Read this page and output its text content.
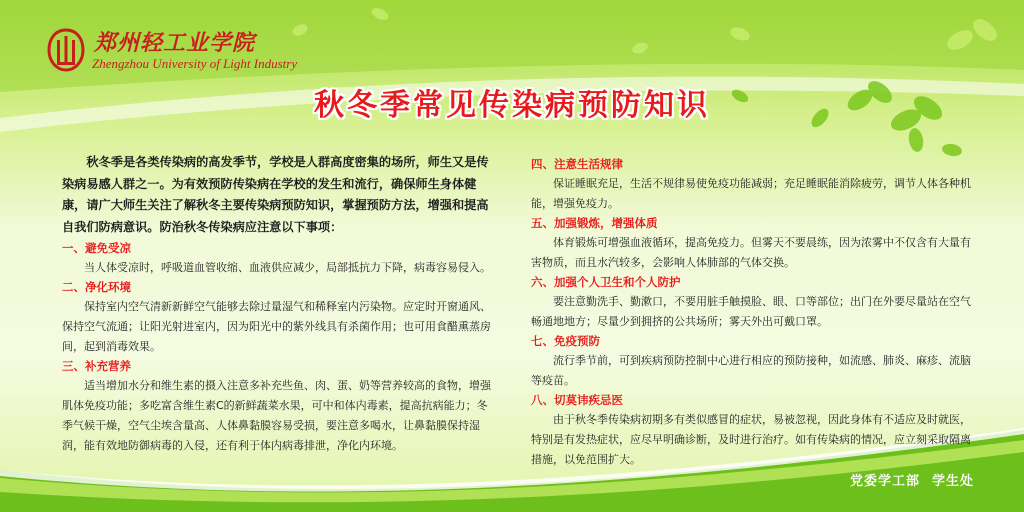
郑州轻工业学院
Zhengzhou University of Light Industry
秋冬季常见传染病预防知识

秋冬季是各类传染病的高发季节，学校是人群高度密集的场所，师生又是传染病易感人群之一。为有效预防传染病在学校的发生和流行，确保师生身体健康，请广大师生关注了解秋冬主要传染病预防知识，掌握预防方法，增强和提高自我们防病意识。防治秋冬传染病应注意以下事项：

一、避免受凉

当人体受凉时，呼吸道血管收缩、血液供应减少，局部抵抗力下降，病毒容易侵入。

二、净化环境

保持室内空气清新新鲜空气能够去除过量湿气和稀释室内污染物。应定时开窗通风、保持空气流通；让阳光射进室内，因为阳光中的紫外线具有杀菌作用；也可用食醋熏蒸房间，起到消毒效果。

三、补充营养

适当增加水分和维生素的摄入注意多补充些鱼、肉、蛋、奶等营养较高的食物，增强肌体免疫功能；多吃富含维生素C的新鲜蔬菜水果，可中和体内毒素，提高抗病能力；冬季气候干燥，空气尘埃含量高、人体鼻黏膜容易受损，要注意多喝水，让鼻黏膜保持湿润，能有效地防御病毒的入侵，还有利于体内病毒排泄，净化内环境。

四、注意生活规律

保证睡眠充足，生活不规律易使免疫功能减弱；充足睡眠能消除疲劳，调节人体各种机能，增强免疫力。

五、加强锻炼，增强体质

体育锻炼可增强血液循环，提高免疫力。但雾天不要晨练，因为浓雾中不仅含有大量有害物质，而且水汽较多，会影响人体肺部的气体交换。

六、加强个人卫生和个人防护

要注意勤洗手、勤漱口，不要用脏手触摸脸、眼、口等部位；出门在外要尽量站在空气畅通地地方；尽量少到拥挤的公共场所；雾天外出可戴口罩。

七、免疫预防

流行季节前，可到疾病预防控制中心进行相应的预防接种，如流感、肺炎、麻疹、流脑等疫苗。

八、切莫讳疾忌医

由于秋冬季传染病初期多有类似感冒的症状，易被忽视，因此身体有不适应及时就医，特别是有发热症状，应尽早明确诊断，及时进行治疗。如有传染病的情况，应立刻采取隔离措施，以免范围扩大。

党委学工部 学生处
